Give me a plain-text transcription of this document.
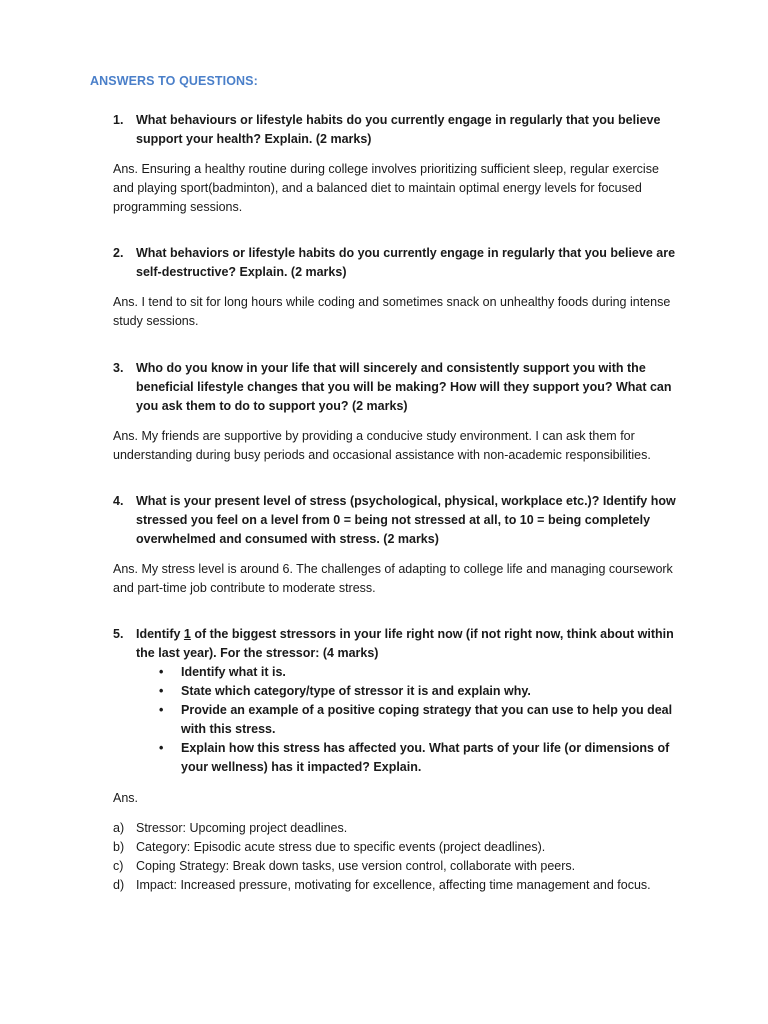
ANSWERS TO QUESTIONS:
1. What behaviours or lifestyle habits do you currently engage in regularly that you believe support your health? Explain. (2 marks)
Ans. Ensuring a healthy routine during college involves prioritizing sufficient sleep, regular exercise and playing sport(badminton), and a balanced diet to maintain optimal energy levels for focused programming sessions.
2. What behaviors or lifestyle habits do you currently engage in regularly that you believe are self-destructive? Explain. (2 marks)
Ans. I tend to sit for long hours while coding and sometimes snack on unhealthy foods during intense study sessions.
3. Who do you know in your life that will sincerely and consistently support you with the beneficial lifestyle changes that you will be making? How will they support you? What can you ask them to do to support you? (2 marks)
Ans. My friends are supportive by providing a conducive study environment. I can ask them for understanding during busy periods and occasional assistance with non-academic responsibilities.
4. What is your present level of stress (psychological, physical, workplace etc.)? Identify how stressed you feel on a level from 0 = being not stressed at all, to 10 = being completely overwhelmed and consumed with stress. (2 marks)
Ans. My stress level is around 6. The challenges of adapting to college life and managing coursework and part-time job contribute to moderate stress.
5. Identify 1 of the biggest stressors in your life right now (if not right now, think about within the last year). For the stressor: (4 marks)
• Identify what it is.
• State which category/type of stressor it is and explain why.
• Provide an example of a positive coping strategy that you can use to help you deal with this stress.
• Explain how this stress has affected you. What parts of your life (or dimensions of your wellness) has it impacted? Explain.
Ans.
a) Stressor: Upcoming project deadlines.
b) Category: Episodic acute stress due to specific events (project deadlines).
c) Coping Strategy: Break down tasks, use version control, collaborate with peers.
d) Impact: Increased pressure, motivating for excellence, affecting time management and focus.
